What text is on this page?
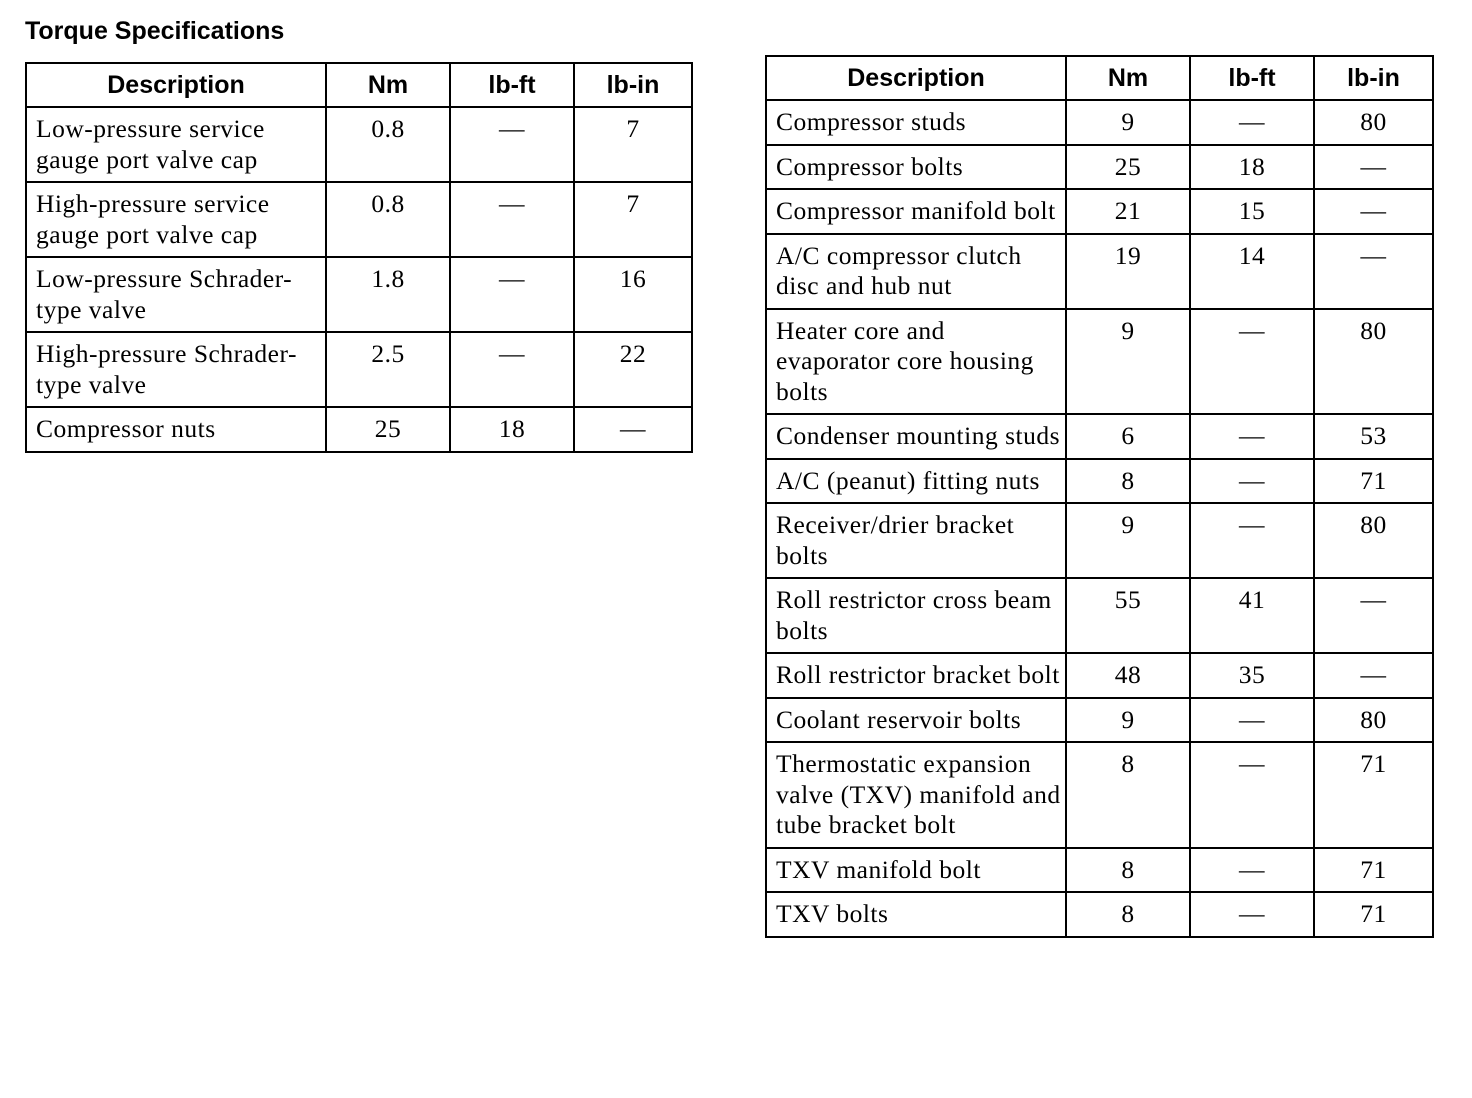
Torque Specifications
Description	Nm	lb-ft	lb-in
Low-pressure service gauge port valve cap	0.8	—	7
High-pressure service gauge port valve cap	0.8	—	7
Low-pressure Schrader-type valve	1.8	—	16
High-pressure Schrader-type valve	2.5	—	22
Compressor nuts	25	18	—
Description	Nm	lb-ft	lb-in
Compressor studs	9	—	80
Compressor bolts	25	18	—
Compressor manifold bolt	21	15	—
A/C compressor clutch disc and hub nut	19	14	—
Heater core and evaporator core housing bolts	9	—	80
Condenser mounting studs	6	—	53
A/C (peanut) fitting nuts	8	—	71
Receiver/drier bracket bolts	9	—	80
Roll restrictor cross beam bolts	55	41	—
Roll restrictor bracket bolt	48	35	—
Coolant reservoir bolts	9	—	80
Thermostatic expansion valve (TXV) manifold and tube bracket bolt	8	—	71
TXV manifold bolt	8	—	71
TXV bolts	8	—	71
